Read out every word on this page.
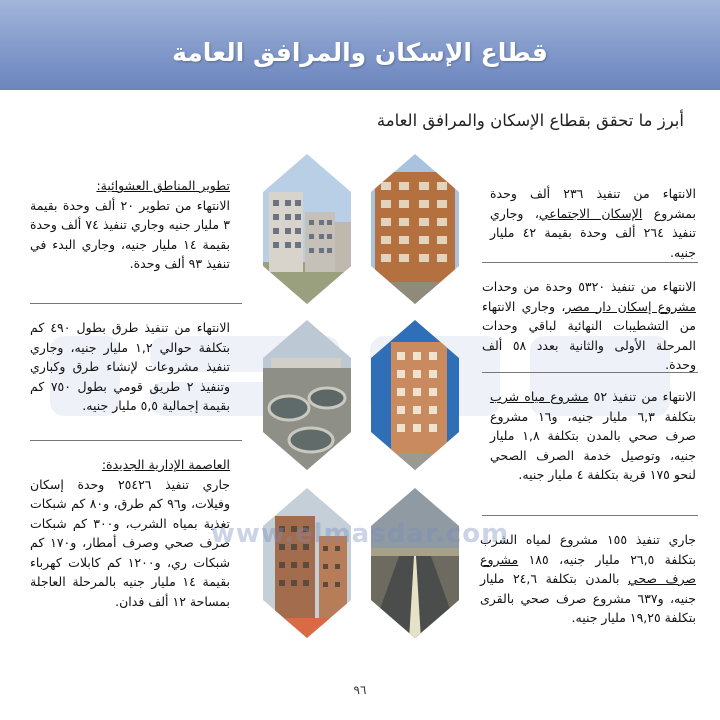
قطاع الإسكان والمرافق العامة
أبرز ما تحقق بقطاع الإسكان والمرافق العامة
الانتهاء من تنفيذ ٢٣٦ ألف وحدة بمشروع الإسكان الاجتماعي، وجاري تنفيذ ٢٦٤ ألف وحدة بقيمة ٤٢ مليار جنيه.
الانتهاء من تنفيذ ٥٣٢٠ وحدة من وحدات مشروع إسكان دار مصر، وجاري الانتهاء من التشطيبات النهائية لباقي وحدات المرحلة الأولى والثانية بعدد ٥٨ ألف وحدة.
الانتهاء من تنفيذ ٥٢ مشروع مياه شرب بتكلفة ٦,٣ مليار جنيه، و١٦ مشروع صرف صحي بالمدن بتكلفة ١,٨ مليار جنيه، وتوصيل خدمة الصرف الصحي لنحو ١٧٥ قرية بتكلفة ٤ مليار جنيه.
جاري تنفيذ ١٥٥ مشروع لمياه الشرب بتكلفة ٢٦,٥ مليار جنيه، ١٨٥ مشروع صرف صحي بالمدن بتكلفة ٢٤,٦ مليار جنيه، و٦٣٧ مشروع صرف صحي بالقرى بتكلفة ١٩,٢٥ مليار جنيه.
تطوير المناطق العشوائية:
الانتهاء من تطوير ٢٠ ألف وحدة بقيمة ٣ مليار جنيه وجاري تنفيذ ٧٤ ألف وحدة بقيمة ١٤ مليار جنيه، وجاري البدء في تنفيذ ٩٣ ألف وحدة.
الانتهاء من تنفيذ طرق بطول ٤٩٠ كم بتكلفة حوالي ١,٢ مليار جنيه، وجاري تنفيذ مشروعات لإنشاء طرق وكباري وتنفيذ ٢ طريق قومي بطول ٧٥٠ كم بقيمة إجمالية ٥,٥ مليار جنيه.
العاصمة الإدارية الجديدة:
جاري تنفيذ ٢٥٤٢٦ وحدة إسكان وفيلات، و٩٦ كم طرق، و٨٠ كم شبكات تغذية بمياه الشرب، و٣٠٠ كم شبكات صرف صحي وصرف أمطار، و١٧٠ كم شبكات ري، و١٢٠٠ كم كابلات كهرباء بقيمة ١٤ مليار جنيه بالمرحلة العاجلة بمساحة ١٢ ألف فدان.
www.elmasdar.com
٩٦
